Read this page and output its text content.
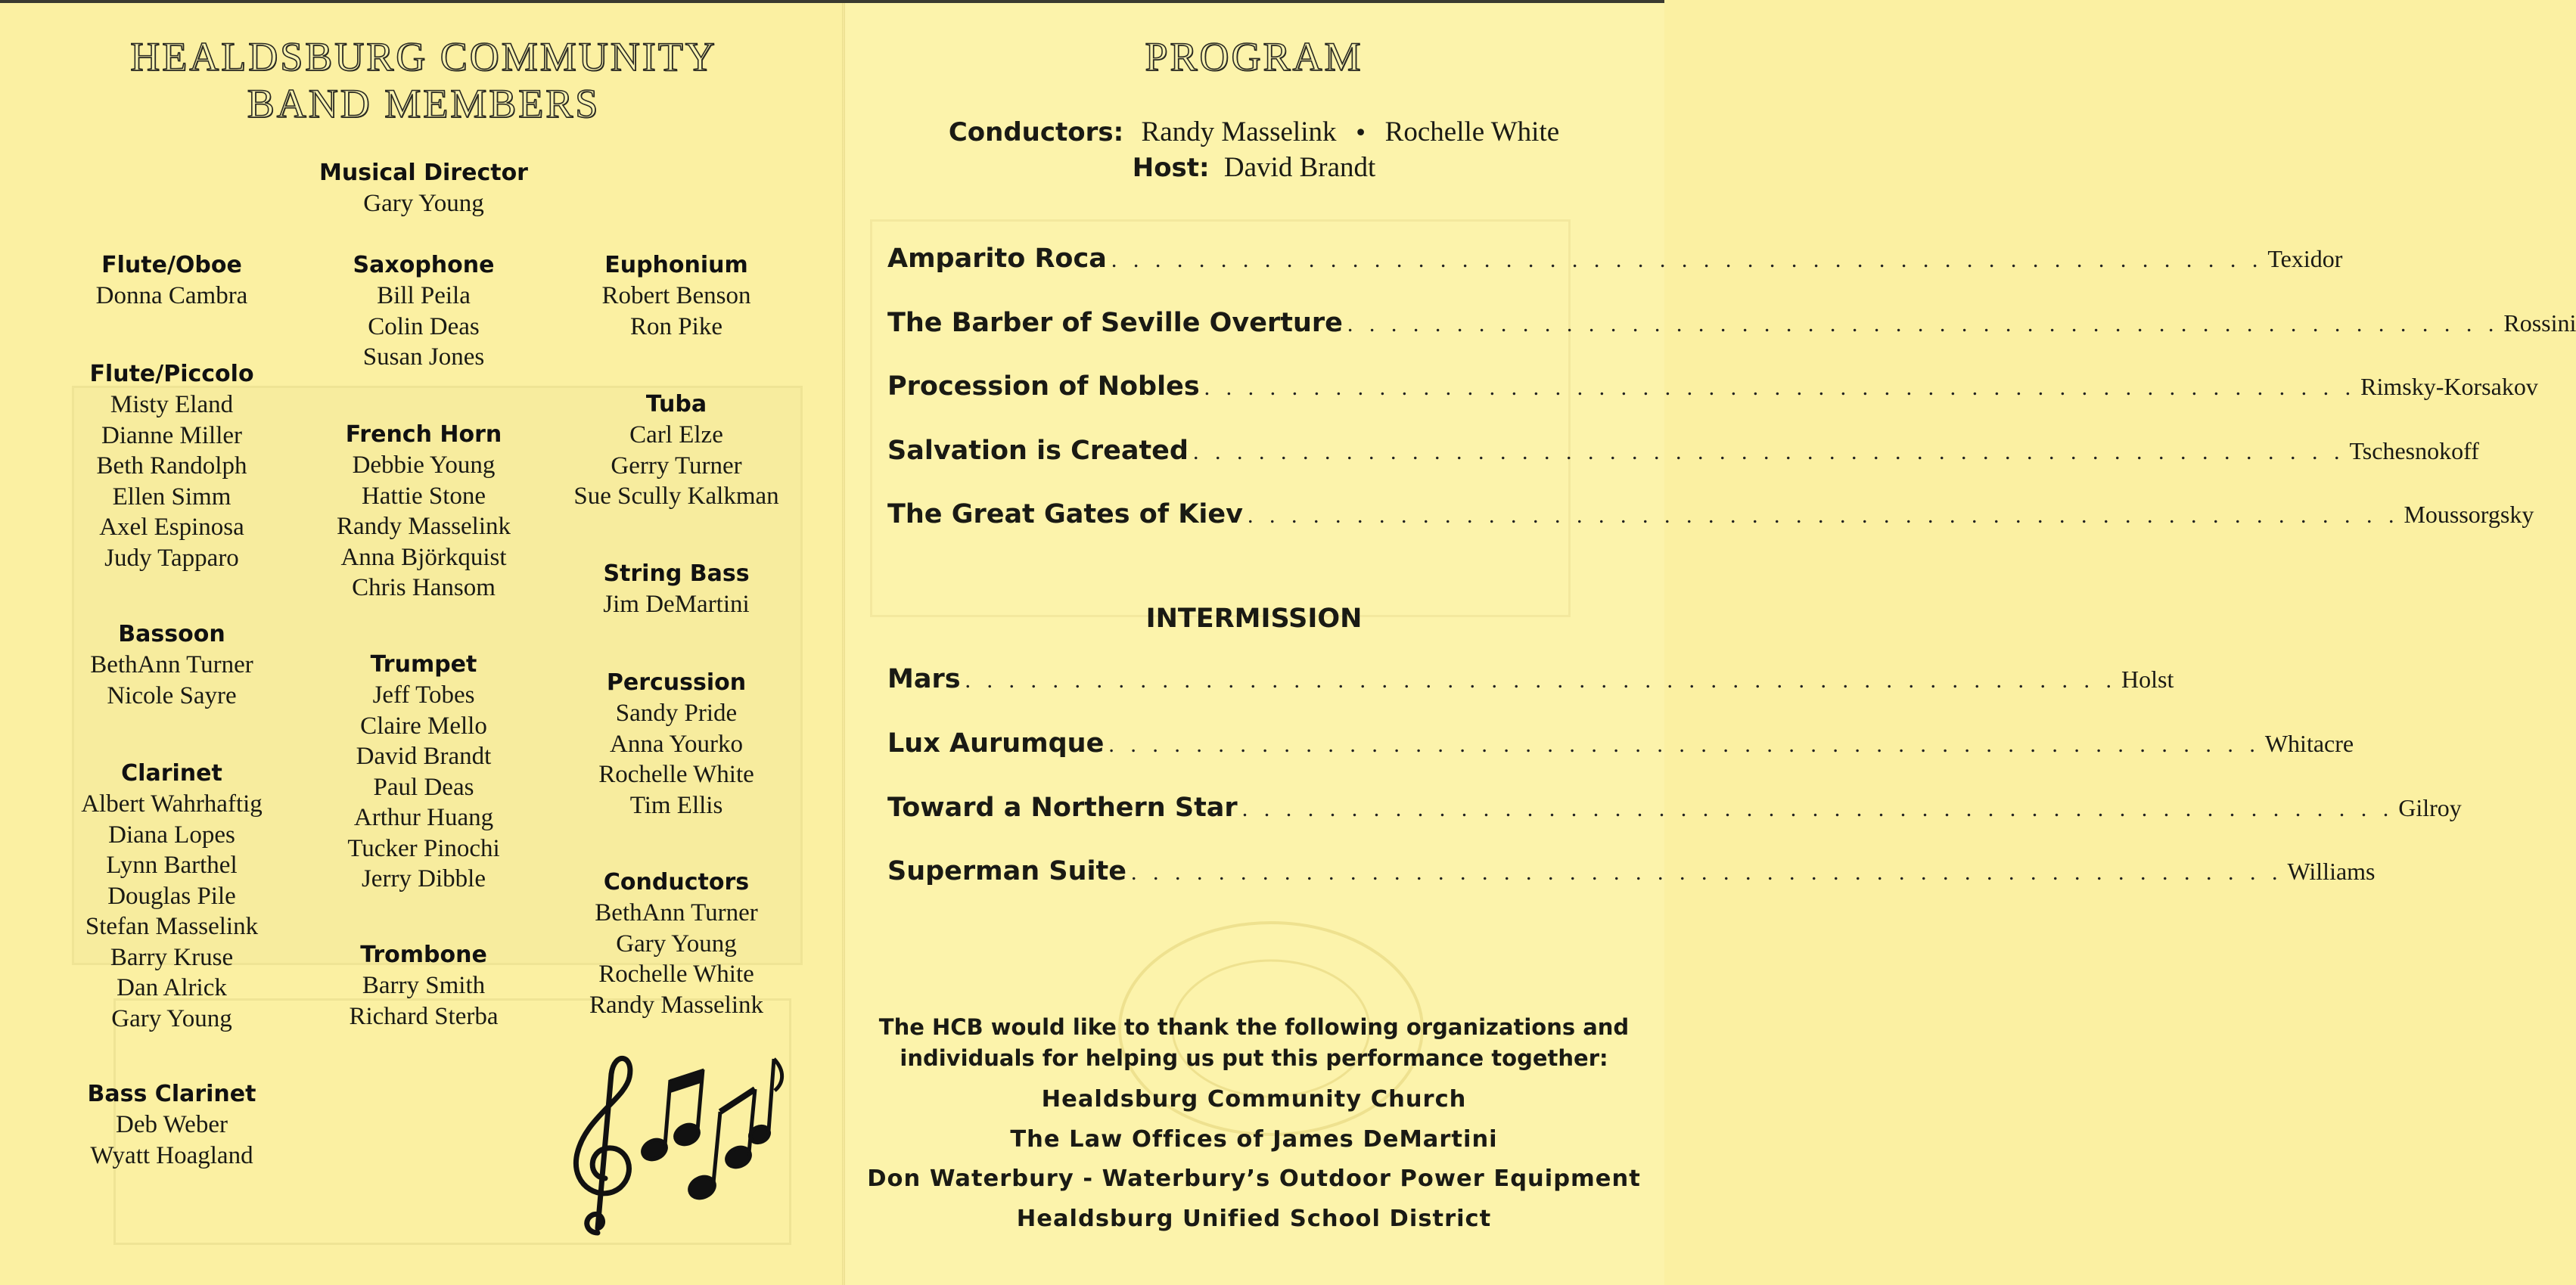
HEALDSBURG COMMUNITY
BAND MEMBERS
Musical Director
Gary Young
Flute/Oboe
Donna Cambra
Saxophone
Bill Peila
Colin Deas
Susan Jones
Euphonium
Robert Benson
Ron Pike
Flute/Piccolo
Misty Eland
Dianne Miller
Beth Randolph
Ellen Simm
Axel Espinosa
Judy Tapparo
Tuba
Carl Elze
Gerry Turner
Sue Scully Kalkman
French Horn
Debbie Young
Hattie Stone
Randy Masselink
Anna Björkquist
Chris Hansom
String Bass
Jim DeMartini
Bassoon
BethAnn Turner
Nicole Sayre
Trumpet
Jeff Tobes
Claire Mello
David Brandt
Paul Deas
Arthur Huang
Tucker Pinochi
Jerry Dibble
Percussion
Sandy Pride
Anna Yourko
Rochelle White
Tim Ellis
Clarinet
Albert Wahrhaftig
Diana Lopes
Lynn Barthel
Douglas Pile
Stefan Masselink
Barry Kruse
Dan Alrick
Gary Young
Conductors
BethAnn Turner
Gary Young
Rochelle White
Randy Masselink
Trombone
Barry Smith
Richard Sterba
Bass Clarinet
Deb Weber
Wyatt Hoagland
PROGRAM
Conductors: Randy Masselink • Rochelle White
Host: David Brandt
Amparito Roca . . . . . . . . . . . . . . . . . . . . . . . . . . . . . . . . . . . . . . . . . . . . . . . . . . . . . Texidor
The Barber of Seville Overture . . . . . . . . . . . . . . . . . . . . . . . . . . . . . . . . . . . . . . . . . . . . . . . . . . . . . Rossini
Procession of Nobles . . . . . . . . . . . . . . . . . . . . . . . . . . . . . . . . . . . . . . . . . . . . . . . . . . . . . Rimsky-Korsakov
Salvation is Created . . . . . . . . . . . . . . . . . . . . . . . . . . . . . . . . . . . . . . . . . . . . . . . . . . . . . Tschesnokoff
The Great Gates of Kiev . . . . . . . . . . . . . . . . . . . . . . . . . . . . . . . . . . . . . . . . . . . . . . . . . . . . . Moussorgsky
INTERMISSION
Mars . . . . . . . . . . . . . . . . . . . . . . . . . . . . . . . . . . . . . . . . . . . . . . . . . . . . . Holst
Lux Aurumque . . . . . . . . . . . . . . . . . . . . . . . . . . . . . . . . . . . . . . . . . . . . . . . . . . . . . Whitacre
Toward a Northern Star . . . . . . . . . . . . . . . . . . . . . . . . . . . . . . . . . . . . . . . . . . . . . . . . . . . . . Gilroy
Superman Suite . . . . . . . . . . . . . . . . . . . . . . . . . . . . . . . . . . . . . . . . . . . . . . . . . . . . . Williams
The HCB would like to thank the following organizations and
individuals for helping us put this performance together:
Healdsburg Community Church
The Law Offices of James DeMartini
Don Waterbury - Waterbury’s Outdoor Power Equipment
Healdsburg Unified School District
